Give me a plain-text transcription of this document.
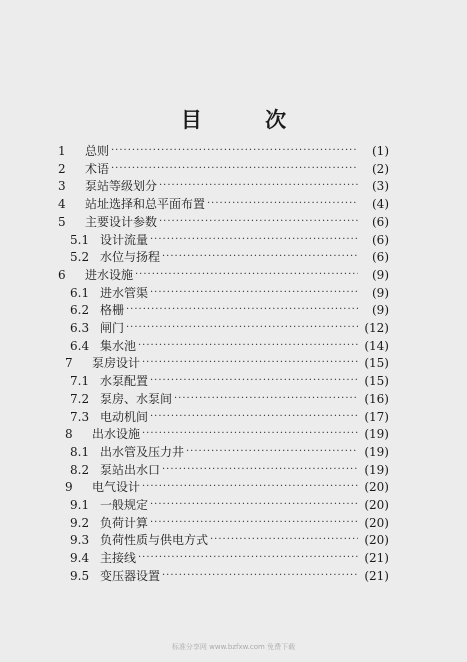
目 次
1 总则 ·····	(1)
2 术语 ·····	(2)
3 泵站等级划分 ·····	(3)
4 站址选择和总平面布置 ·····	(4)
5 主要设计参数 ·····	(6)
5.1 设计流量 ·····	(6)
5.2 水位与扬程 ·····	(6)
6 进水设施 ·····	(9)
6.1 进水管渠 ·····	(9)
6.2 格栅 ·····	(9)
6.3 闸门 ·····	(12)
6.4 集水池 ·····	(14)
7 泵房设计 ·····	(15)
7.1 水泵配置 ·····	(15)
7.2 泵房、水泵间 ·····	(16)
7.3 电动机间 ·····	(17)
8 出水设施 ·····	(19)
8.1 出水管及压力井 ·····	(19)
8.2 泵站出水口 ·····	(19)
9 电气设计 ·····	(20)
9.1 一般规定 ·····	(20)
9.2 负荷计算 ·····	(20)
9.3 负荷性质与供电方式 ·····	(20)
9.4 主接线 ·····	(21)
9.5 变压器设置 ·····	(21)
标准分享网 www.bzfxw.com 免费下载
